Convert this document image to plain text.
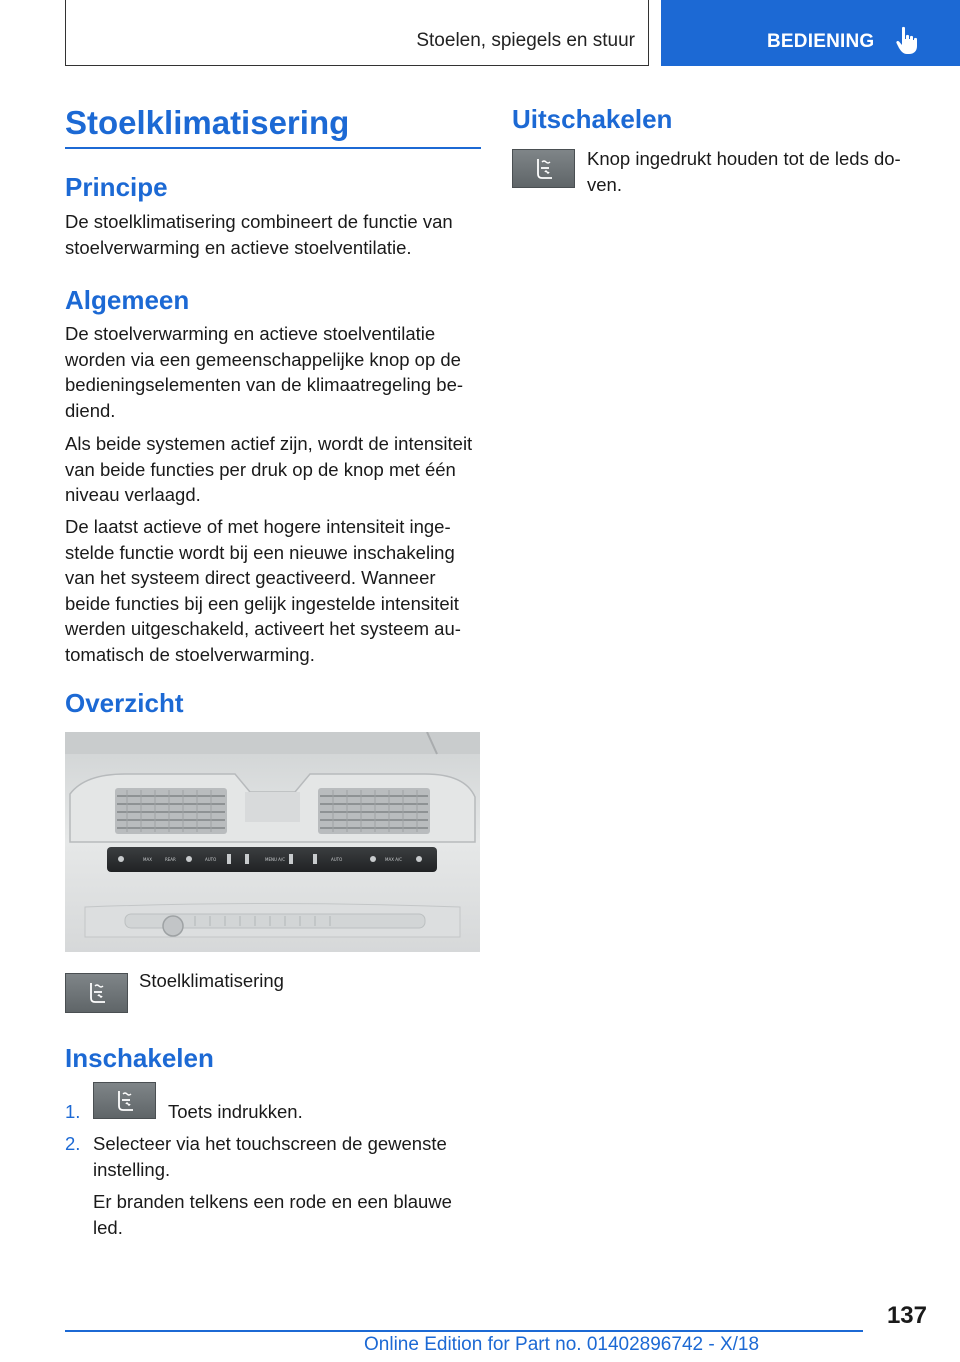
Stoelen, spiegels en stuur	BEDIENING
Stoelklimatisering
Principe
De stoelklimatisering combineert de functie van stoelverwarming en actieve stoelventilatie.
Algemeen
De stoelverwarming en actieve stoelventilatie worden via een gemeenschappelijke knop op de bedieningselementen van de klimaatregeling bediend.
Als beide systemen actief zijn, wordt de intensiteit van beide functies per druk op de knop met één niveau verlaagd.
De laatst actieve of met hogere intensiteit ingestelde functie wordt bij een nieuwe inschakeling van het systeem direct geactiveerd. Wanneer beide functies bij een gelijk ingestelde intensiteit werden uitgeschakeld, activeert het systeem automatisch de stoelverwarming.
Overzicht
MAX	REAR	AUTO	MENU A/C	AUTO	MAX A/C
Stoelklimatisering
Inschakelen
1.	Toets indrukken.
2. Selecteer via het touchscreen de gewenste instelling.
Er branden telkens een rode en een blauwe led.
Uitschakelen
Knop ingedrukt houden tot de leds doven.
137
Online Edition for Part no. 01402896742 - X/18
